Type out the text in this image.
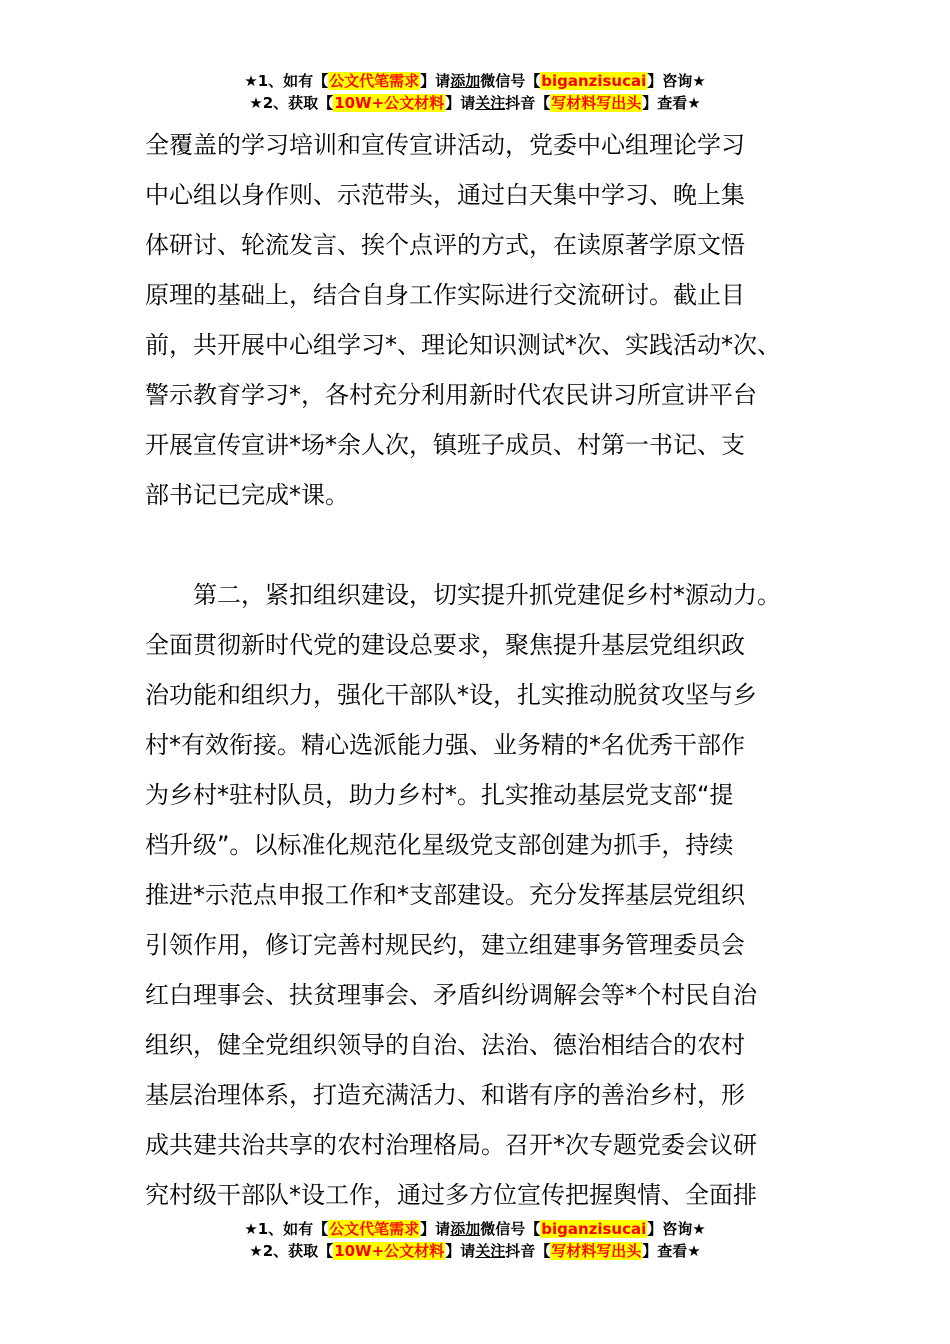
★1、如有【公文代笔需求】请添加微信号【biganzisucai】咨询★
★2、获取【10W+公文材料】请关注抖音【写材料写出头】查看★
全覆盖的学习培训和宣传宣讲活动，党委中心组理论学习
中心组以身作则、示范带头，通过白天集中学习、晚上集
体研讨、轮流发言、挨个点评的方式，在读原著学原文悟
原理的基础上，结合自身工作实际进行交流研讨。截止目
前，共开展中心组学习*、理论知识测试*次、实践活动*次、
警示教育学习*，各村充分利用新时代农民讲习所宣讲平台
开展宣传宣讲*场*余人次，镇班子成员、村第一书记、支
部书记已完成*课。
　　第二，紧扣组织建设，切实提升抓党建促乡村*源动力。
全面贯彻新时代党的建设总要求，聚焦提升基层党组织政
治功能和组织力，强化干部队*设，扎实推动脱贫攻坚与乡
村*有效衔接。精心选派能力强、业务精的*名优秀干部作
为乡村*驻村队员，助力乡村*。扎实推动基层党支部“提
档升级”。以标准化规范化星级党支部创建为抓手，持续
推进*示范点申报工作和*支部建设。充分发挥基层党组织
引领作用，修订完善村规民约，建立组建事务管理委员会
红白理事会、扶贫理事会、矛盾纠纷调解会等*个村民自治
组织，健全党组织领导的自治、法治、德治相结合的农村
基层治理体系，打造充满活力、和谐有序的善治乡村，形
成共建共治共享的农村治理格局。召开*次专题党委会议研
究村级干部队*设工作，通过多方位宣传把握舆情、全面排
★1、如有【公文代笔需求】请添加微信号【biganzisucai】咨询★
★2、获取【10W+公文材料】请关注抖音【写材料写出头】查看★
